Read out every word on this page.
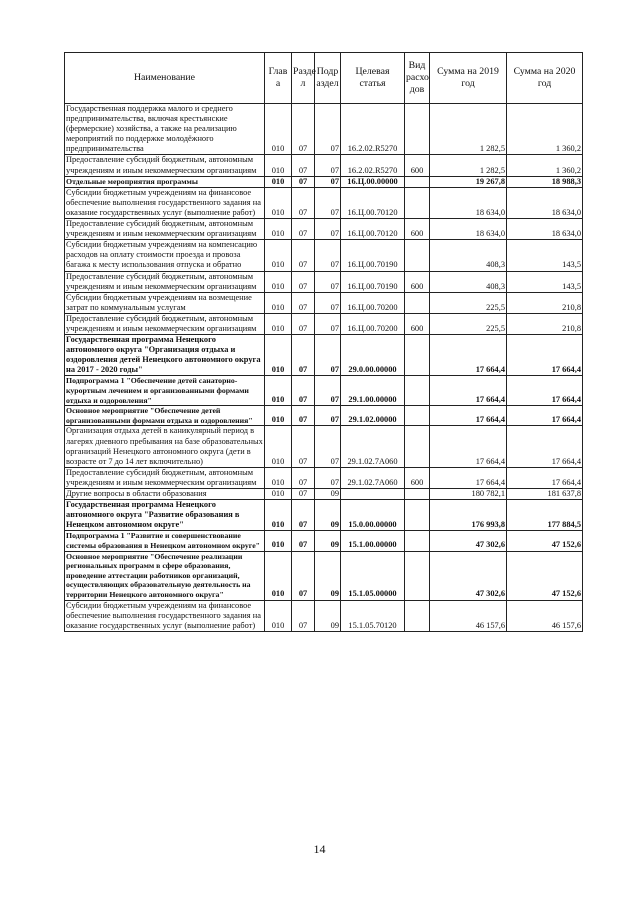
Наименование	Глав а	Разде л	Подр аздел	Целевая статья	Вид расхо дов	Сумма на 2019 год	Сумма на 2020 год
Государственная поддержка малого и среднего предпринимательства, включая крестьянские (фермерские) хозяйства, а также на реализацию мероприятий по поддержке молодёжного предпринимательства	010	07	07	16.2.02.R5270		1 282,5	1 360,2
Предоставление субсидий бюджетным, автономным учреждениям и иным некоммерческим организациям	010	07	07	16.2.02.R5270	600	1 282,5	1 360,2
Отдельные мероприятия программы	010	07	07	16.Ц.00.00000		19 267,8	18 988,3
Субсидии бюджетным учреждениям на финансовое обеспечение выполнения государственного задания на оказание государственных услуг (выполнение работ)	010	07	07	16.Ц.00.70120		18 634,0	18 634,0
Предоставление субсидий бюджетным, автономным учреждениям и иным некоммерческим организациям	010	07	07	16.Ц.00.70120	600	18 634,0	18 634,0
Субсидии бюджетным учреждениям на компенсацию расходов на оплату стоимости проезда и провоза багажа к месту использования отпуска и обратно	010	07	07	16.Ц.00.70190		408,3	143,5
Предоставление субсидий бюджетным, автономным учреждениям и иным некоммерческим организациям	010	07	07	16.Ц.00.70190	600	408,3	143,5
Субсидии бюджетным учреждениям на возмещение затрат по коммунальным услугам	010	07	07	16.Ц.00.70200		225,5	210,8
Предоставление субсидий бюджетным, автономным учреждениям и иным некоммерческим организациям	010	07	07	16.Ц.00.70200	600	225,5	210,8
Государственная программа Ненецкого автономного округа "Организация отдыха и оздоровления детей Ненецкого автономного округа на 2017 - 2020 годы"	010	07	07	29.0.00.00000		17 664,4	17 664,4
Подпрограмма 1 "Обеспечение детей санаторно-курортным лечением и организованными формами отдыха и оздоровления"	010	07	07	29.1.00.00000		17 664,4	17 664,4
Основное мероприятие "Обеспечение детей организованными формами отдыха и оздоровления"	010	07	07	29.1.02.00000		17 664,4	17 664,4
Организация отдыха детей в каникулярный период в лагерях дневного пребывания на базе образовательных организаций Ненецкого автономного округа (дети в возрасте от 7 до 14 лет включительно)	010	07	07	29.1.02.7А060		17 664,4	17 664,4
Предоставление субсидий бюджетным, автономным учреждениям и иным некоммерческим организациям	010	07	07	29.1.02.7А060	600	17 664,4	17 664,4
Другие вопросы в области образования	010	07	09			180 782,1	181 637,8
Государственная программа Ненецкого автономного округа "Развитие образования в Ненецком автономном округе"	010	07	09	15.0.00.00000		176 993,8	177 884,5
Подпрограмма 1 "Развитие и совершенствование системы образования в Ненецком автономном округе"	010	07	09	15.1.00.00000		47 302,6	47 152,6
Основное мероприятие "Обеспечение реализации региональных программ в сфере образования, проведение аттестации работников организаций, осуществляющих образовательную деятельность на территории Ненецкого автономного округа"	010	07	09	15.1.05.00000		47 302,6	47 152,6
Субсидии бюджетным учреждениям на финансовое обеспечение выполнения государственного задания на оказание государственных услуг (выполнение работ)	010	07	09	15.1.05.70120		46 157,6	46 157,6
14
